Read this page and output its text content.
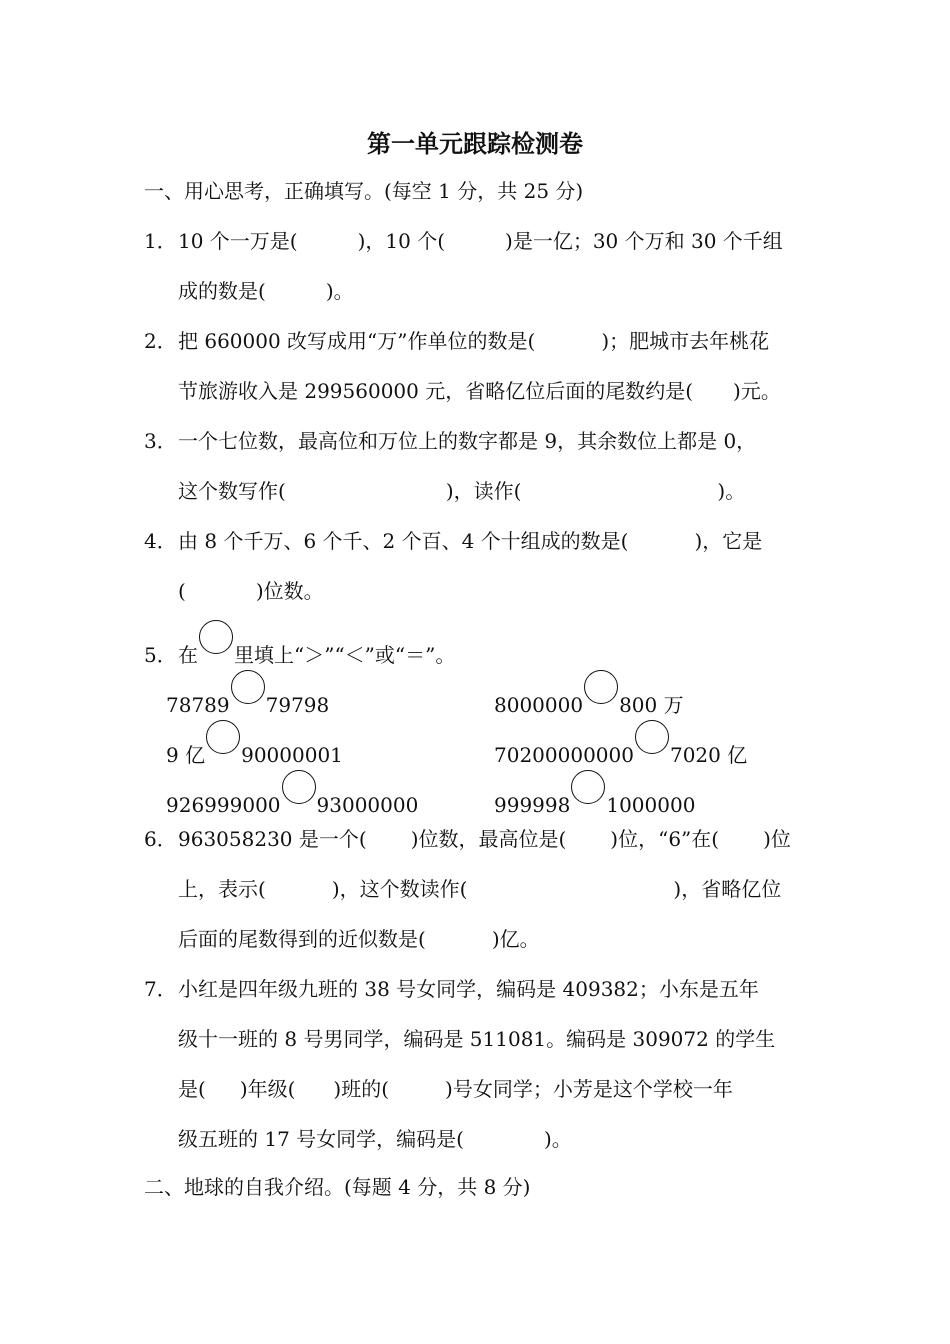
第一单元跟踪检测卷
一、用心思考，正确填写。(每空 1 分，共 25 分)
1．10 个一万是(	)，10 个(	)是一亿；30 个万和 30 个千组
成的数是(	)。
2．把 660000 改写成用“万”作单位的数是(	)；肥城市去年桃花
节旅游收入是 299560000 元，省略亿位后面的尾数约是( )元。
3．一个七位数，最高位和万位上的数字都是 9，其余数位上都是 0，
这个数写作(	)，读作(	)。
4．由 8 个千万、6 个千、2 个百、4 个十组成的数是(	)，它是
(	)位数。
5．在 里填上“＞”“＜”或“＝”。
78789 79798	8000000 800 万
9 亿 90000001	70200000000 7020 亿
926999000 93000000	999998 1000000
6．963058230 是一个( )位数，最高位是( )位，“6”在( )位
上，表示(	)，这个数读作(	)，省略亿位
后面的尾数得到的近似数是(	)亿。
7．小红是四年级九班的 38 号女同学，编码是 409382；小东是五年
级十一班的 8 号男同学，编码是 511081。编码是 309072 的学生
是( )年级( )班的(	)号女同学；小芳是这个学校一年
级五班的 17 号女同学，编码是(	)。
二、地球的自我介绍。(每题 4 分，共 8 分)
